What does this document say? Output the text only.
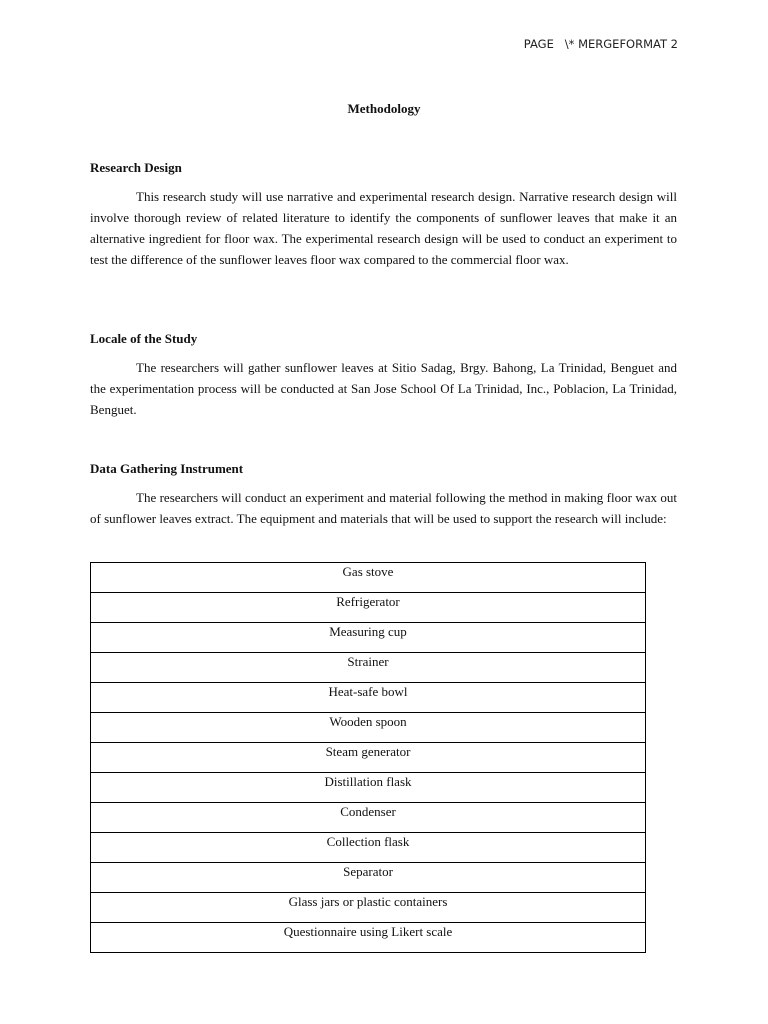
PAGE   \* MERGEFORMAT 2
Methodology
Research Design

This research study will use narrative and experimental research design. Narrative research design will involve thorough review of related literature to identify the components of sunflower leaves that make it an alternative ingredient for floor wax. The experimental research design will be used to conduct an experiment to test the difference of the sunflower leaves floor wax compared to the commercial floor wax.

Locale of the Study

The researchers will gather sunflower leaves at Sitio Sadag, Brgy. Bahong, La Trinidad, Benguet and the experimentation process will be conducted at San Jose School Of La Trinidad, Inc., Poblacion, La Trinidad, Benguet.

Data Gathering Instrument

The researchers will conduct an experiment and material following the method in making floor wax out of sunflower leaves extract. The equipment and materials that will be used to support the research will include:

Gas stove
Refrigerator
Measuring cup
Strainer
Heat-safe bowl
Wooden spoon
Steam generator
Distillation flask
Condenser
Collection flask
Separator
Glass jars or plastic containers
Questionnaire using Likert scale
